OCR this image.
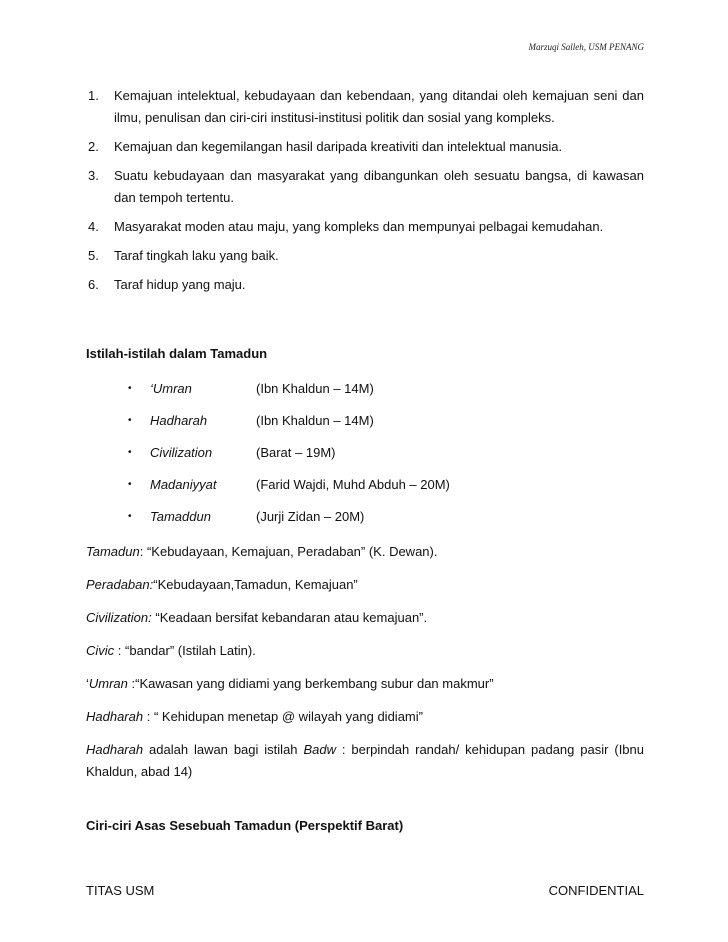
Marzuqi Salleh, USM PENANG
1.	Kemajuan intelektual, kebudayaan dan kebendaan, yang ditandai oleh kemajuan seni dan ilmu, penulisan dan ciri-ciri institusi-institusi politik dan sosial yang kompleks.
2.	Kemajuan dan kegemilangan hasil daripada kreativiti dan intelektual manusia.
3.	Suatu kebudayaan dan masyarakat yang dibangunkan oleh sesuatu bangsa, di kawasan dan tempoh tertentu.
4.	Masyarakat moden atau maju, yang kompleks dan mempunyai pelbagai kemudahan.
5.	Taraf tingkah laku yang baik.
6.	Taraf hidup yang maju.
Istilah-istilah dalam Tamadun
•	‘Umran	(Ibn Khaldun – 14M)
•	Hadharah	(Ibn Khaldun – 14M)
•	Civilization	(Barat – 19M)
•	Madaniyyat	(Farid Wajdi, Muhd Abduh – 20M)
•	Tamaddun	(Jurji Zidan – 20M)

Tamadun: “Kebudayaan, Kemajuan, Peradaban” (K. Dewan).

Peradaban:“Kebudayaan,Tamadun, Kemajuan”

Civilization: “Keadaan bersifat kebandaran atau kemajuan”.

Civic : “bandar” (Istilah Latin).

‘Umran :“Kawasan yang didiami yang berkembang subur dan makmur”

Hadharah : “ Kehidupan menetap @ wilayah yang didiami”

Hadharah adalah lawan bagi istilah Badw : berpindah randah/ kehidupan padang pasir (Ibnu Khaldun, abad 14)

Ciri-ciri Asas Sesebuah Tamadun (Perspektif Barat)
TITAS USM	CONFIDENTIAL
